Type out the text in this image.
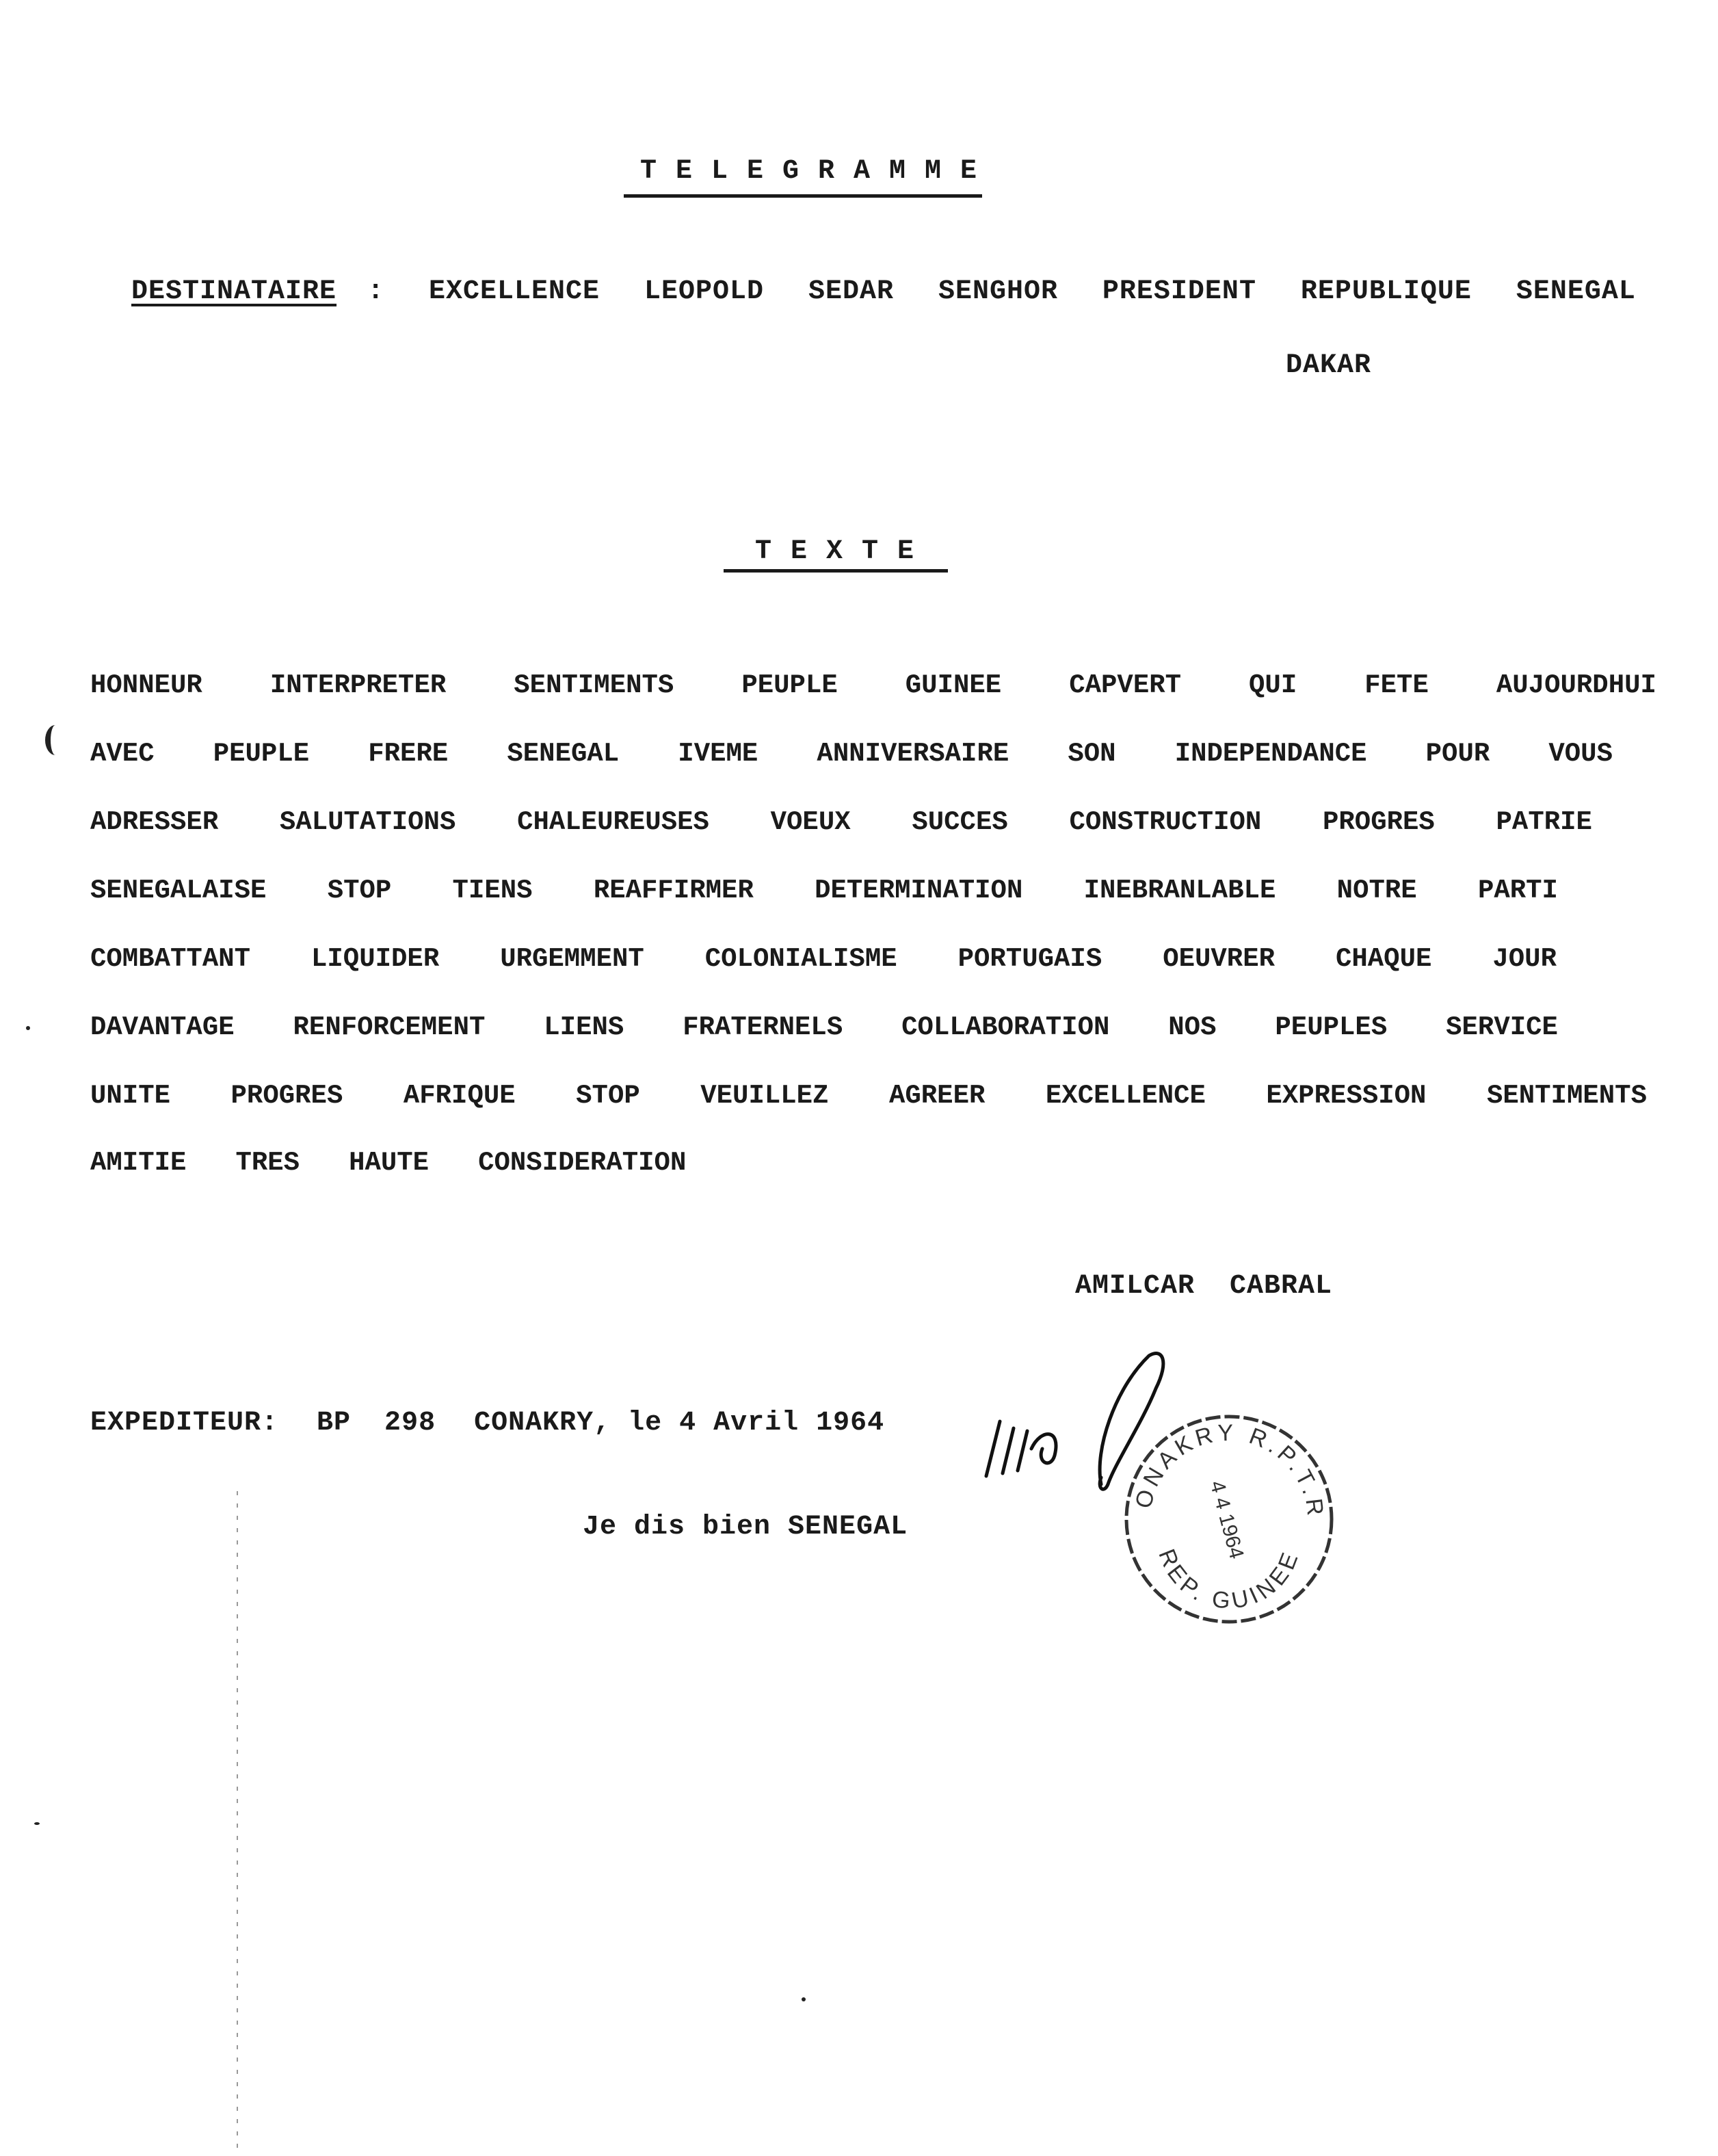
TELEGRAMME
DESTINATAIRE : EXCELLENCE LEOPOLD SEDAR SENGHOR PRESIDENT REPUBLIQUE SENEGAL
DAKAR
TEXTE
HONNEUR	INTERPRETER	SENTIMENTS	PEUPLE	GUINEE	CAPVERT	QUI	FETE	AUJOURDHUI
AVEC PEUPLE FRERE SENEGAL IVEME ANNIVERSAIRE SON INDEPENDANCE POUR VOUS
ADRESSER SALUTATIONS CHALEUREUSES VOEUX SUCCES CONSTRUCTION PROGRES PATRIE
SENEGALAISE STOP TIENS REAFFIRMER DETERMINATION INEBRANLABLE NOTRE PARTI
COMBATTANT LIQUIDER URGEMMENT COLONIALISME PORTUGAIS OEUVRER CHAQUE JOUR
DAVANTAGE RENFORCEMENT LIENS FRATERNELS COLLABORATION NOS PEUPLES SERVICE
UNITE PROGRES AFRIQUE STOP VEUILLEZ AGREER EXCELLENCE EXPRESSION SENTIMENTS
AMITIE TRES HAUTE CONSIDERATION
AMILCAR CABRAL
EXPEDITEUR: BP 298 CONAKRY, le 4 Avril 1964
Je dis bien SENEGAL
ONAKRY R.P.T.R
REP. GUINEE
4 4 1964
